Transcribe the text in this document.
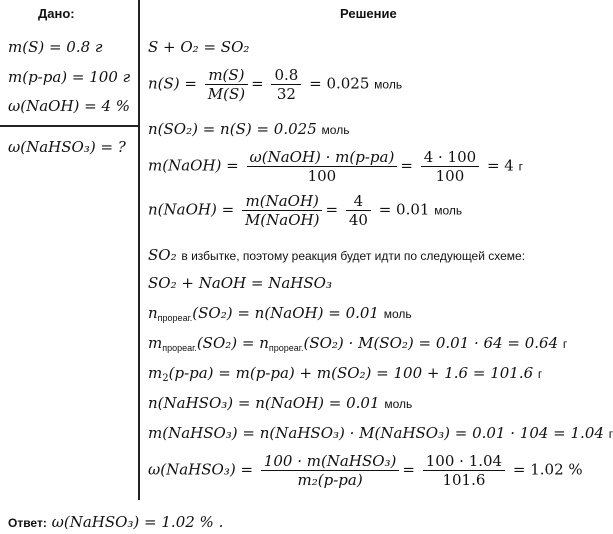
Дано:	Решение
m(S) = 0.8 г
m(р-ра) = 100 г
ω(NaOH) = 4 %
ω(NaHSO₃) = ?
S + O₂ = SO₂
$n(S) = \frac{m(S)}{M(S)} = \frac{0.8}{32} = 0.025$ моль
n(SO₂) = n(S) = 0.025 моль
m(NaOH) = $\frac{\text{ω(NaOH) · m(р-ра)}}{100} = \frac{4 \cdot 100}{100} = 4$ г
n(NaOH) = $\frac{\text{m(NaOH)}}{\text{M(NaOH)}} = \frac{4}{40} = 0.01$ моль
SO₂ в избытке, поэтому реакция будет идти по следующей схеме:
SO₂ + NaOH = NaHSO₃
$n_{прореаг.}(SO_2)$ = n(NaOH) = 0.01 моль
$m_{прореаг.}(SO_2) = n_{прореаг.}(SO_2) \cdot M(SO_2) = 0.01 \cdot 64 = 0.64$ г
$m_2(р-ра) = m(р-ра) + m(SO_2) = 100 + 1.6 = 101.6$ г
n(NaHSO₃) = n(NaOH) = 0.01 моль
m(NaHSO₃) = n(NaHSO₃) · M(NaHSO₃) = 0.01 · 104 = 1.04 г
ω(NaHSO₃) = $\frac{\text{100 · m(NaHSO₃)}}{\text{m₂(р-ра)}} = \frac{100 \cdot 1.04}{101.6} = 1.02$ %
Ответ: ω(NaHSO₃) = 1.02 % .
